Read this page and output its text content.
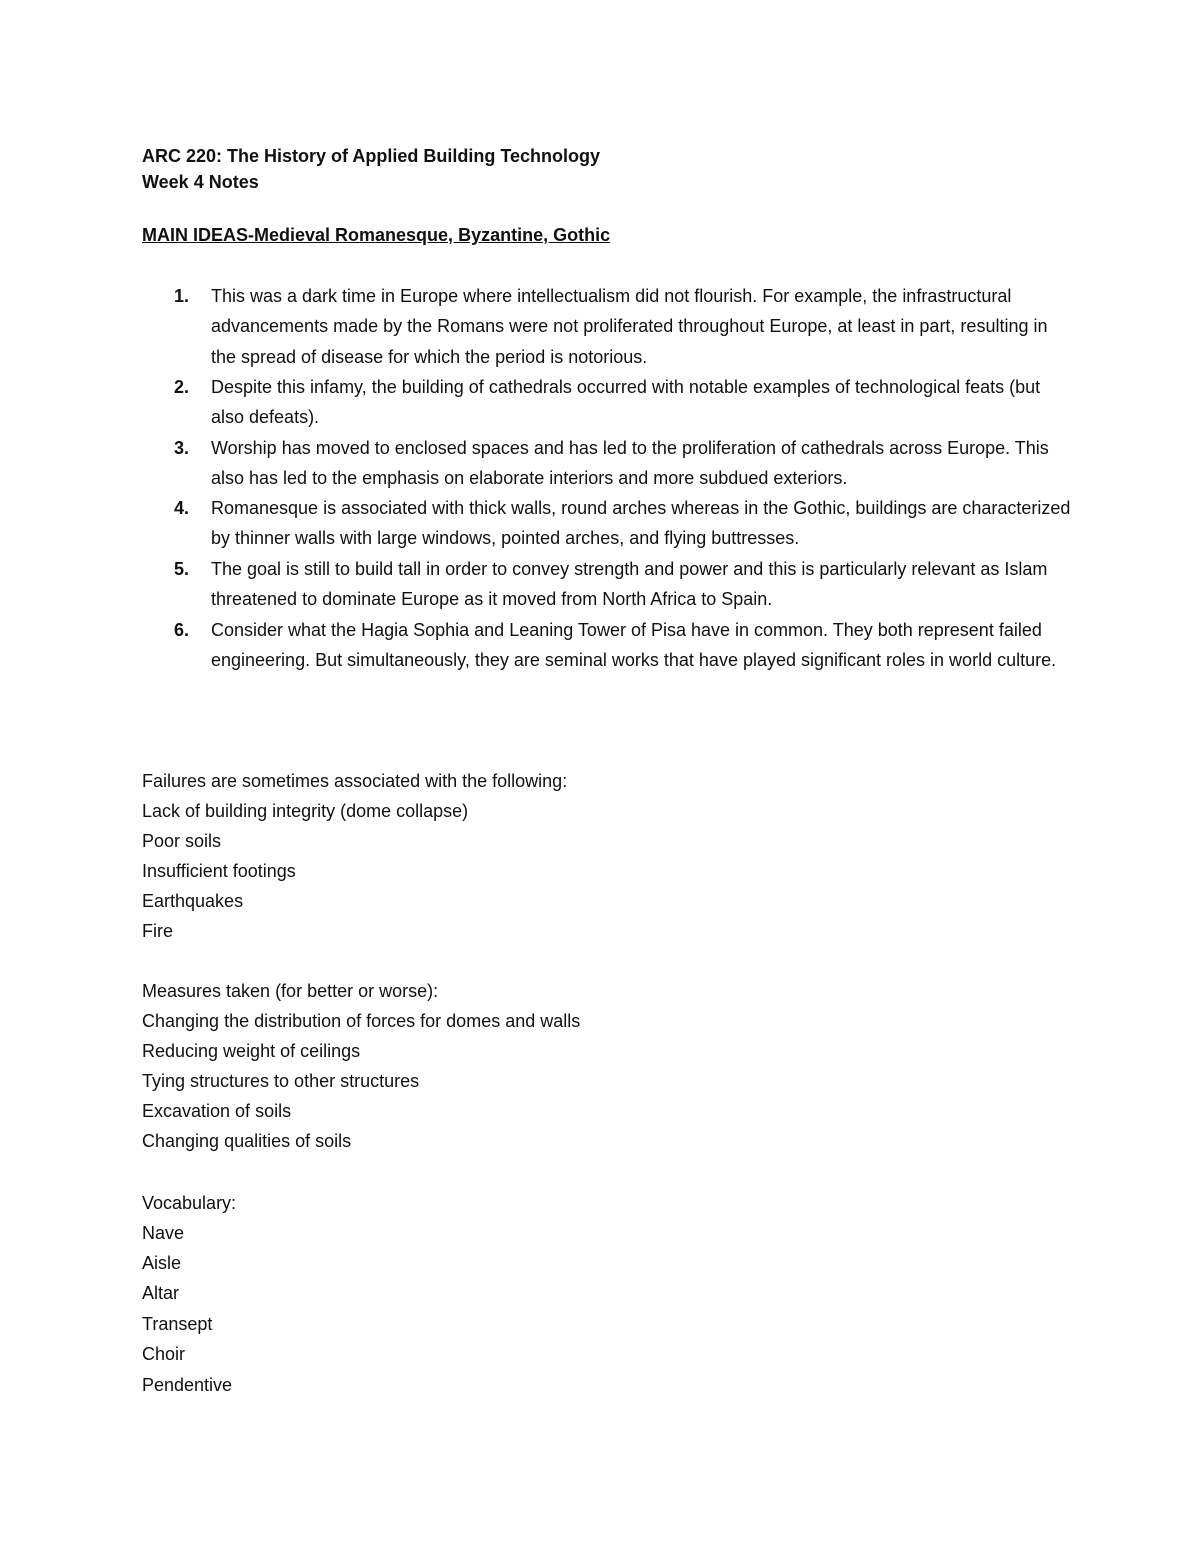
ARC 220: The History of Applied Building Technology
Week 4 Notes
MAIN IDEAS-Medieval Romanesque, Byzantine, Gothic
1. This was a dark time in Europe where intellectualism did not flourish. For example, the infrastructural advancements made by the Romans were not proliferated throughout Europe, at least in part, resulting in the spread of disease for which the period is notorious.
2. Despite this infamy, the building of cathedrals occurred with notable examples of technological feats (but also defeats).
3. Worship has moved to enclosed spaces and has led to the proliferation of cathedrals across Europe. This also has led to the emphasis on elaborate interiors and more subdued exteriors.
4. Romanesque is associated with thick walls, round arches whereas in the Gothic, buildings are characterized by thinner walls with large windows, pointed arches, and flying buttresses.
5. The goal is still to build tall in order to convey strength and power and this is particularly relevant as Islam threatened to dominate Europe as it moved from North Africa to Spain.
6. Consider what the Hagia Sophia and Leaning Tower of Pisa have in common. They both represent failed engineering. But simultaneously, they are seminal works that have played significant roles in world culture.
Failures are sometimes associated with the following:
Lack of building integrity (dome collapse)
Poor soils
Insufficient footings
Earthquakes
Fire
Measures taken (for better or worse):
Changing the distribution of forces for domes and walls
Reducing weight of ceilings
Tying structures to other structures
Excavation of soils
Changing qualities of soils
Vocabulary:
Nave
Aisle
Altar
Transept
Choir
Pendentive
